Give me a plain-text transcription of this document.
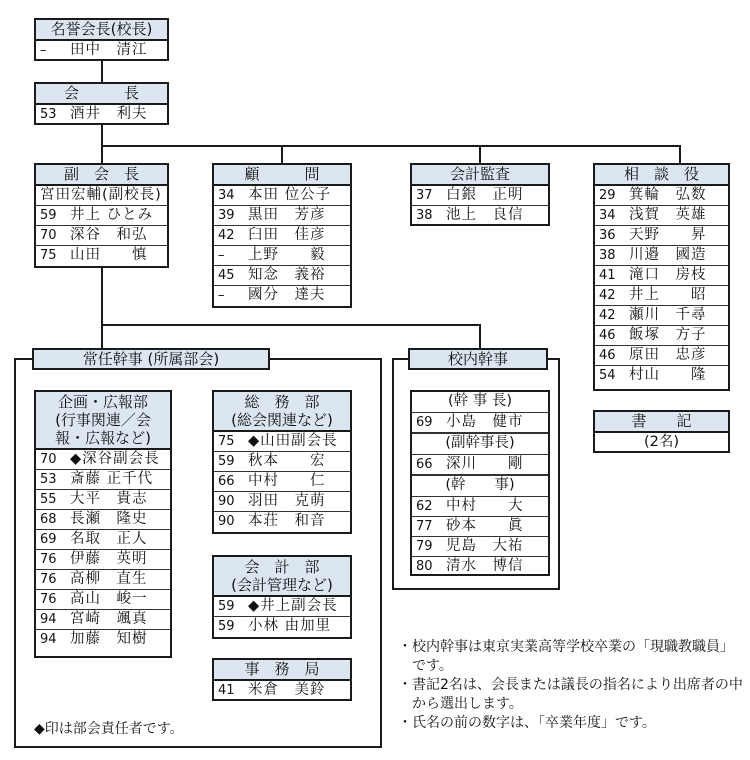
名誉会長(校長)
– 田中　清江
会　　　長
53 酒井　利夫
副　会　長
宮田宏輔(副校長)
59 井上 ひとみ
70 深谷　和弘
75 山田　　慎
顧　　　問
34 本田 位公子
39 黒田　芳彦
42 臼田　佳彦
– 上野　　毅
45 知念　義裕
– 國分　達夫
会計監査
37 白銀　正明
38 池上　良信
相　談　役
29 箕輪　弘数
34 浅賀　英雄
36 天野　　昇
38 川邉　國造
41 滝口　房枝
42 井上　　昭
42 瀬川　千尋
46 飯塚　方子
46 原田　忠彦
54 村山　　隆
書　　記
(2名)
常任幹事 (所属部会)
企画・広報部
(行事関連／会
報・広報など)
70 ◆深谷副会長
53 斎藤 正千代
55 大平　貴志
68 長瀬　隆史
69 名取　正人
76 伊藤　英明
76 高柳　直生
76 高山　峻一
94 宮崎　颯真
94 加藤　知樹
総　務　部
(総会関連など)
75 ◆山田副会長
59 秋本　　宏
66 中村　　仁
90 羽田　克萌
90 本荘　和音
会　計　部
(会計管理など)
59 ◆井上副会長
59 小林 由加里
事　務　局
41 米倉　美鈴
◆印は部会責任者です。
校内幹事
(幹 事 長)
69 小島　健市
(副幹事長)
66 深川　　剛
(幹　　事)
62 中村　　大
77 砂本　　眞
79 児島　大祐
80 清水　博信
・校内幹事は東京実業高等学校卒業の「現職教職員」です。
・書記2名は、会長または議長の指名により出席者の中から選出します。
・氏名の前の数字は、「卒業年度」です。
